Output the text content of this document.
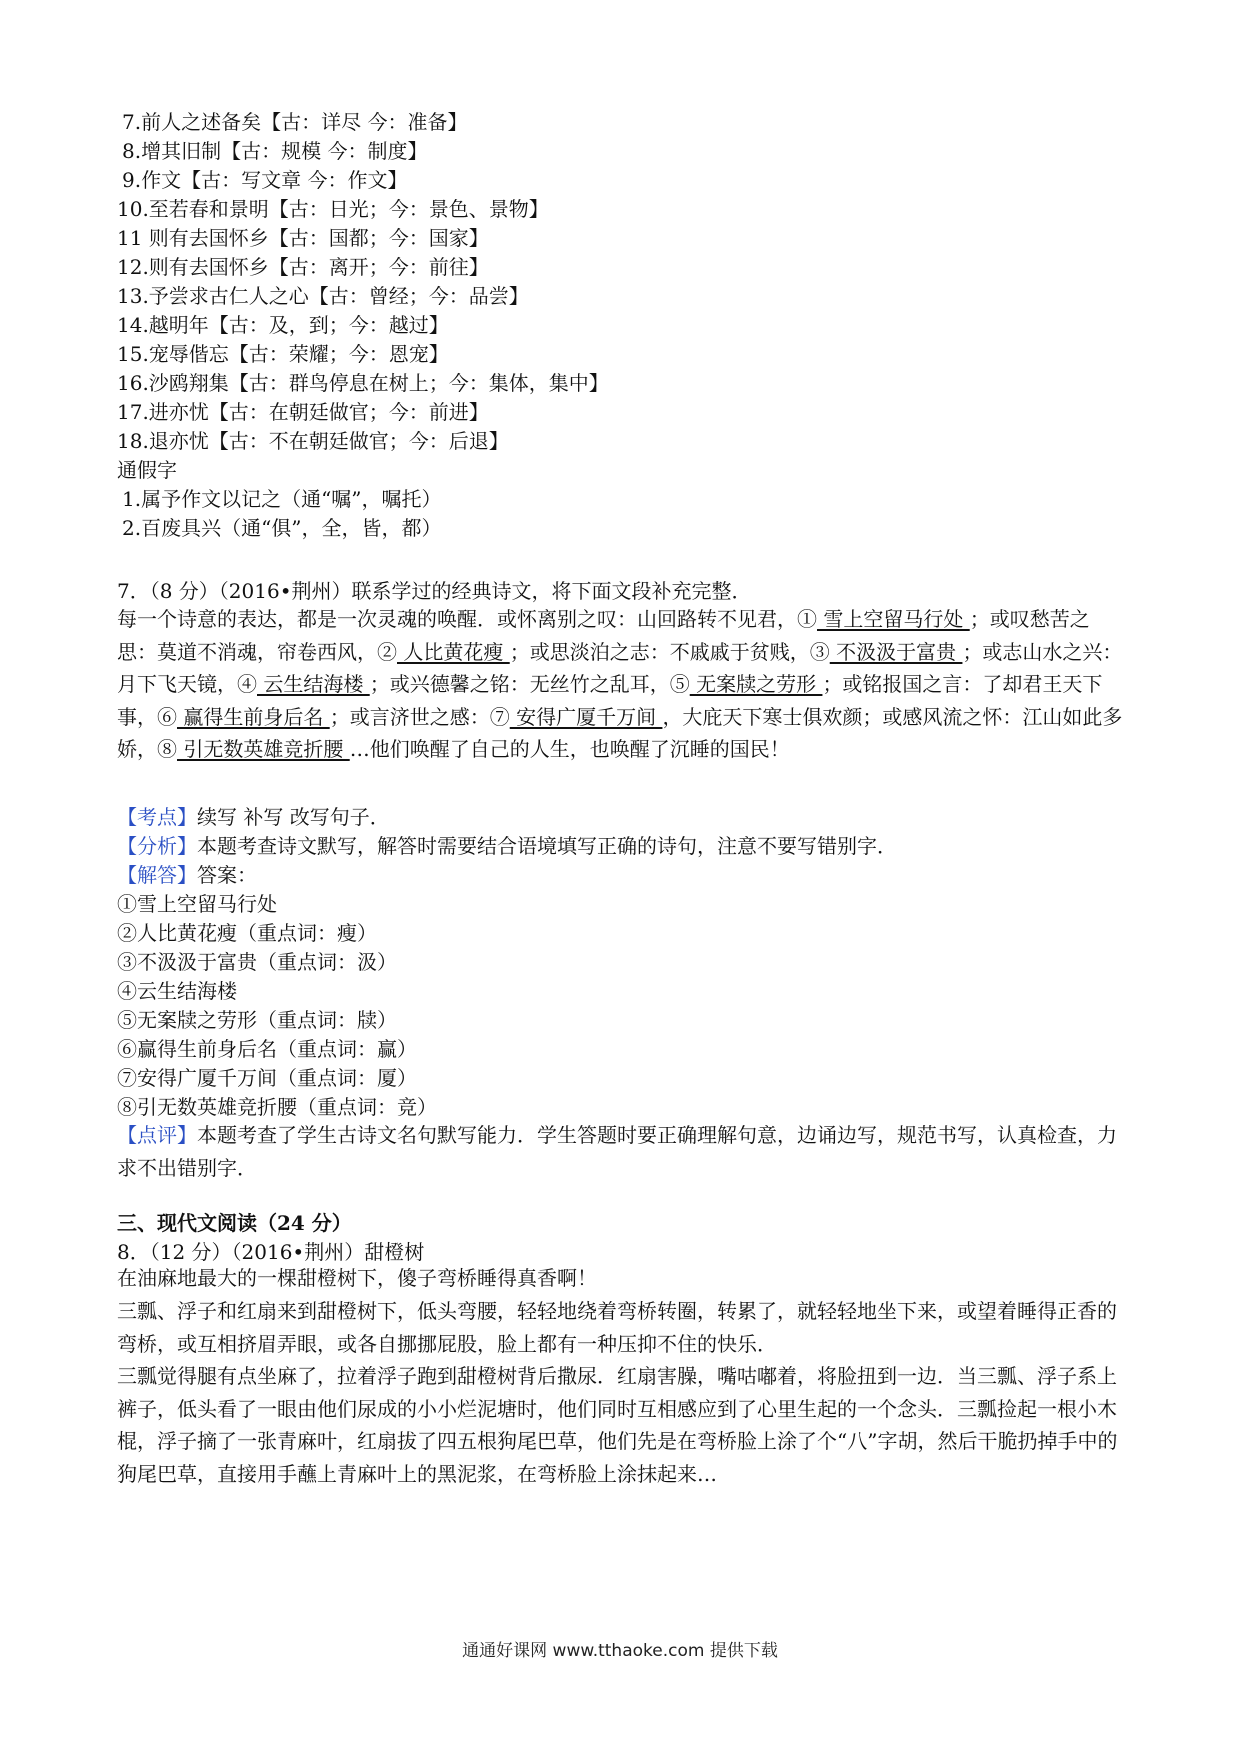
7.前人之述备矣【古：详尽 今：准备】
8.增其旧制【古：规模 今：制度】
9.作文【古：写文章 今：作文】
10.至若春和景明【古：日光；今：景色、景物】
11 则有去国怀乡【古：国都；今：国家】
12.则有去国怀乡【古：离开；今：前往】
13.予尝求古仁人之心【古：曾经；今：品尝】
14.越明年【古：及，到；今：越过】
15.宠辱偕忘【古：荣耀；今：恩宠】
16.沙鸥翔集【古：群鸟停息在树上；今：集体，集中】
17.进亦忧【古：在朝廷做官；今：前进】
18.退亦忧【古：不在朝廷做官；今：后退】
通假字
1.属予作文以记之（通“嘱”，嘱托）
2.百废具兴（通“俱”，全，皆，都）
7．（8 分）（2016•荆州）联系学过的经典诗文，将下面文段补充完整．
每一个诗意的表达，都是一次灵魂的唤醒．或怀离别之叹：山回路转不见君，① 雪上空留马行处 ；或叹愁苦之思：莫道不消魂，帘卷西风，② 人比黄花瘦 ；或思淡泊之志：不戚戚于贫贱，③ 不汲汲于富贵 ；或志山水之兴：月下飞天镜，④ 云生结海楼 ；或兴德馨之铭：无丝竹之乱耳，⑤ 无案牍之劳形 ；或铭报国之言：了却君王天下事，⑥ 赢得生前身后名 ；或言济世之感：⑦ 安得广厦千万间 ，大庇天下寒士俱欢颜；或感风流之怀：江山如此多娇，⑧ 引无数英雄竞折腰 …他们唤醒了自己的人生，也唤醒了沉睡的国民！
【考点】续写 补写 改写句子．
【分析】本题考查诗文默写，解答时需要结合语境填写正确的诗句，注意不要写错别字．
【解答】答案：
①雪上空留马行处
②人比黄花瘦（重点词：瘦）
③不汲汲于富贵（重点词：汲）
④云生结海楼
⑤无案牍之劳形（重点词：牍）
⑥赢得生前身后名（重点词：赢）
⑦安得广厦千万间（重点词：厦）
⑧引无数英雄竞折腰（重点词：竞）
【点评】本题考查了学生古诗文名句默写能力．学生答题时要正确理解句意，边诵边写，规范书写，认真检查，力求不出错别字．
三、现代文阅读（24 分）
8．（12 分）（2016•荆州）甜橙树
在油麻地最大的一棵甜橙树下，傻子弯桥睡得真香啊！
三瓢、浮子和红扇来到甜橙树下，低头弯腰，轻轻地绕着弯桥转圈，转累了，就轻轻地坐下来，或望着睡得正香的弯桥，或互相挤眉弄眼，或各自挪挪屁股，脸上都有一种压抑不住的快乐．
三瓢觉得腿有点坐麻了，拉着浮子跑到甜橙树背后撒尿．红扇害臊，嘴咕嘟着，将脸扭到一边．当三瓢、浮子系上裤子，低头看了一眼由他们尿成的小小烂泥塘时，他们同时互相感应到了心里生起的一个念头．三瓢捡起一根小木棍，浮子摘了一张青麻叶，红扇拔了四五根狗尾巴草，他们先是在弯桥脸上涂了个“八”字胡，然后干脆扔掉手中的狗尾巴草，直接用手蘸上青麻叶上的黑泥浆，在弯桥脸上涂抹起来…
通通好课网 www.tthaoke.com 提供下载
